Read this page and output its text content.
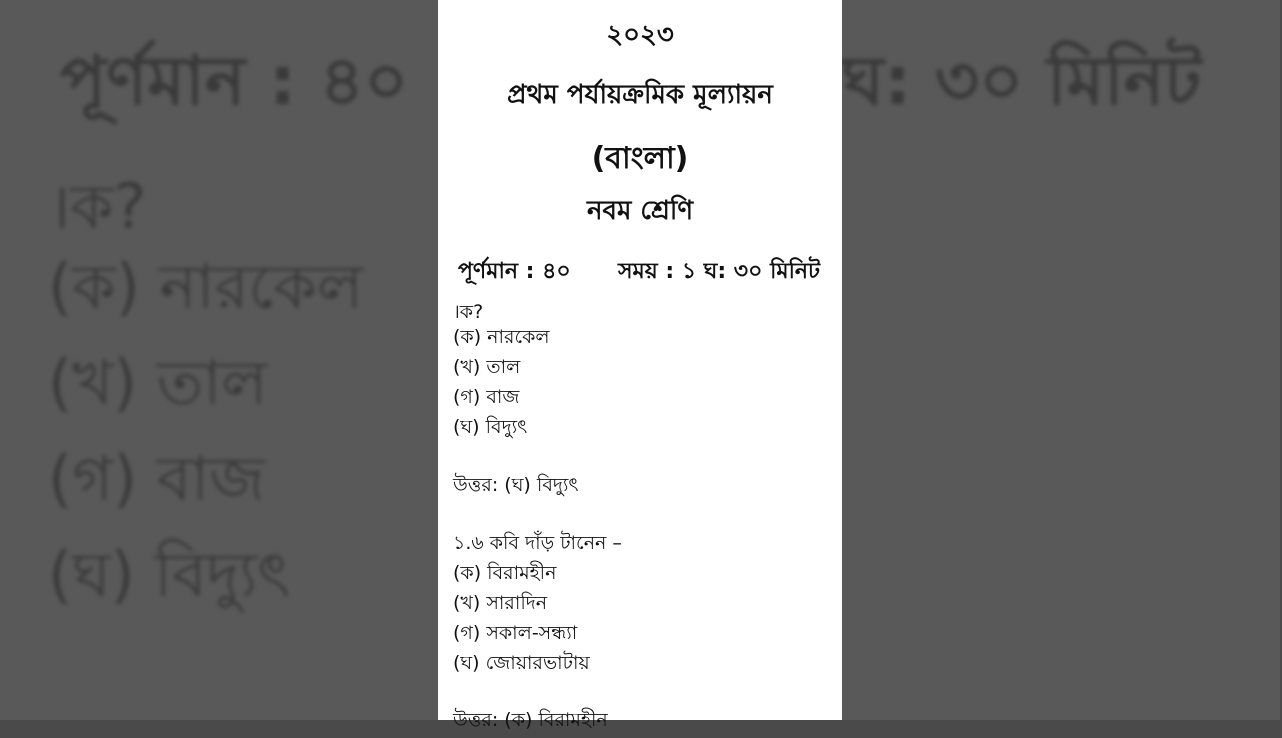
২০২৩
প্রথম পর্যায়ক্রমিক মূল্যায়ন
(বাংলা)
নবম শ্রেণি
পূর্ণমান : ৪০ সময় : ১ ঘ: ৩০ মিনিট
।ক?
(ক) নারকেল
(খ) তাল
(গ) বাজ
(ঘ) বিদ্যুৎ
উত্তর: (ঘ) বিদ্যুৎ
১.৬ কবি দাঁড় টানেন –
(ক) বিরামহীন
(খ) সারাদিন
(গ) সকাল-সন্ধ্যা
(ঘ) জোয়ারভাটায়
উত্তর: (ক) বিরামহীন
